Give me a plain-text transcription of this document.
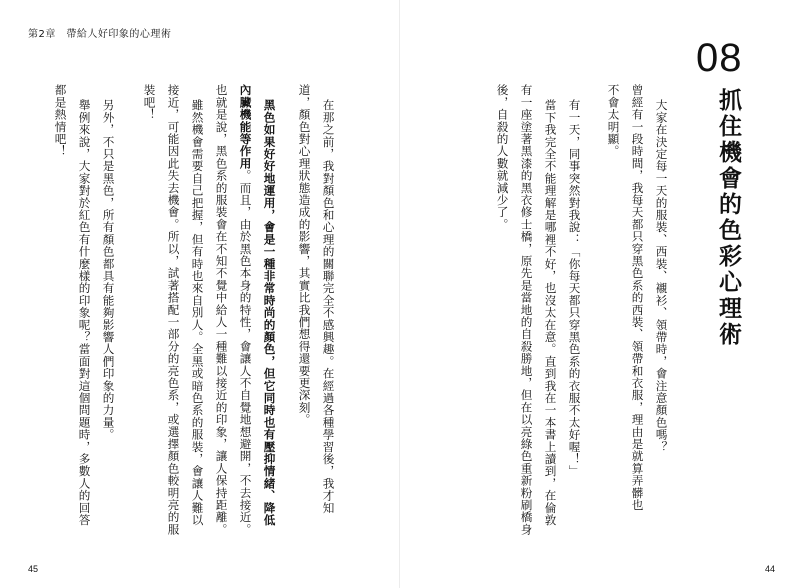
第2章　帶給人好印象的心理術
在那之前，我對顏色和心理的關聯完全不感興趣。在經過各種學習後，我才知
道，顏色對心理狀態造成的影響，其實比我們想得還要更深刻。
黑色如果好好地運用，會是一種非常時尚的顏色，但它同時也有壓抑情緒、降低
內臟機能等作用。而且，由於黑色本身的特性，會讓人不自覺地想避開，不去接近。
也就是說，黑色系的服裝會在不知不覺中給人一種難以接近的印象，讓人保持距離。
雖然機會需要自己把握，但有時也來自別人。全黑或暗色系的服裝，會讓人難以
接近，可能因此失去機會。所以，試著搭配一部分的亮色系，或選擇顏色較明亮的服
裝吧！
另外，不只是黑色，所有顏色都具有能夠影響人們印象的力量。
舉例來說，大家對於紅色有什麼樣的印象呢？當面對這個問題時，多數人的回答
都是熱情吧！
45
08
抓住機會的色彩心理術
大家在決定每一天的服裝、西裝、襯衫、領帶時，會注意顏色嗎？
曾經有一段時間，我每天都只穿黑色系的西裝、領帶和衣服，理由是就算弄髒也
不會太明顯。
有一天，同事突然對我說：「你每天都只穿黑色系的衣服不太好喔！」
當下我完全不能理解是哪裡不好，也沒太在意。直到我在一本書上讀到，在倫敦
有一座塗著黑漆的黑衣修士橋，原先是當地的自殺勝地，但在以亮綠色重新粉刷橋身
後，自殺的人數就減少了。
44
